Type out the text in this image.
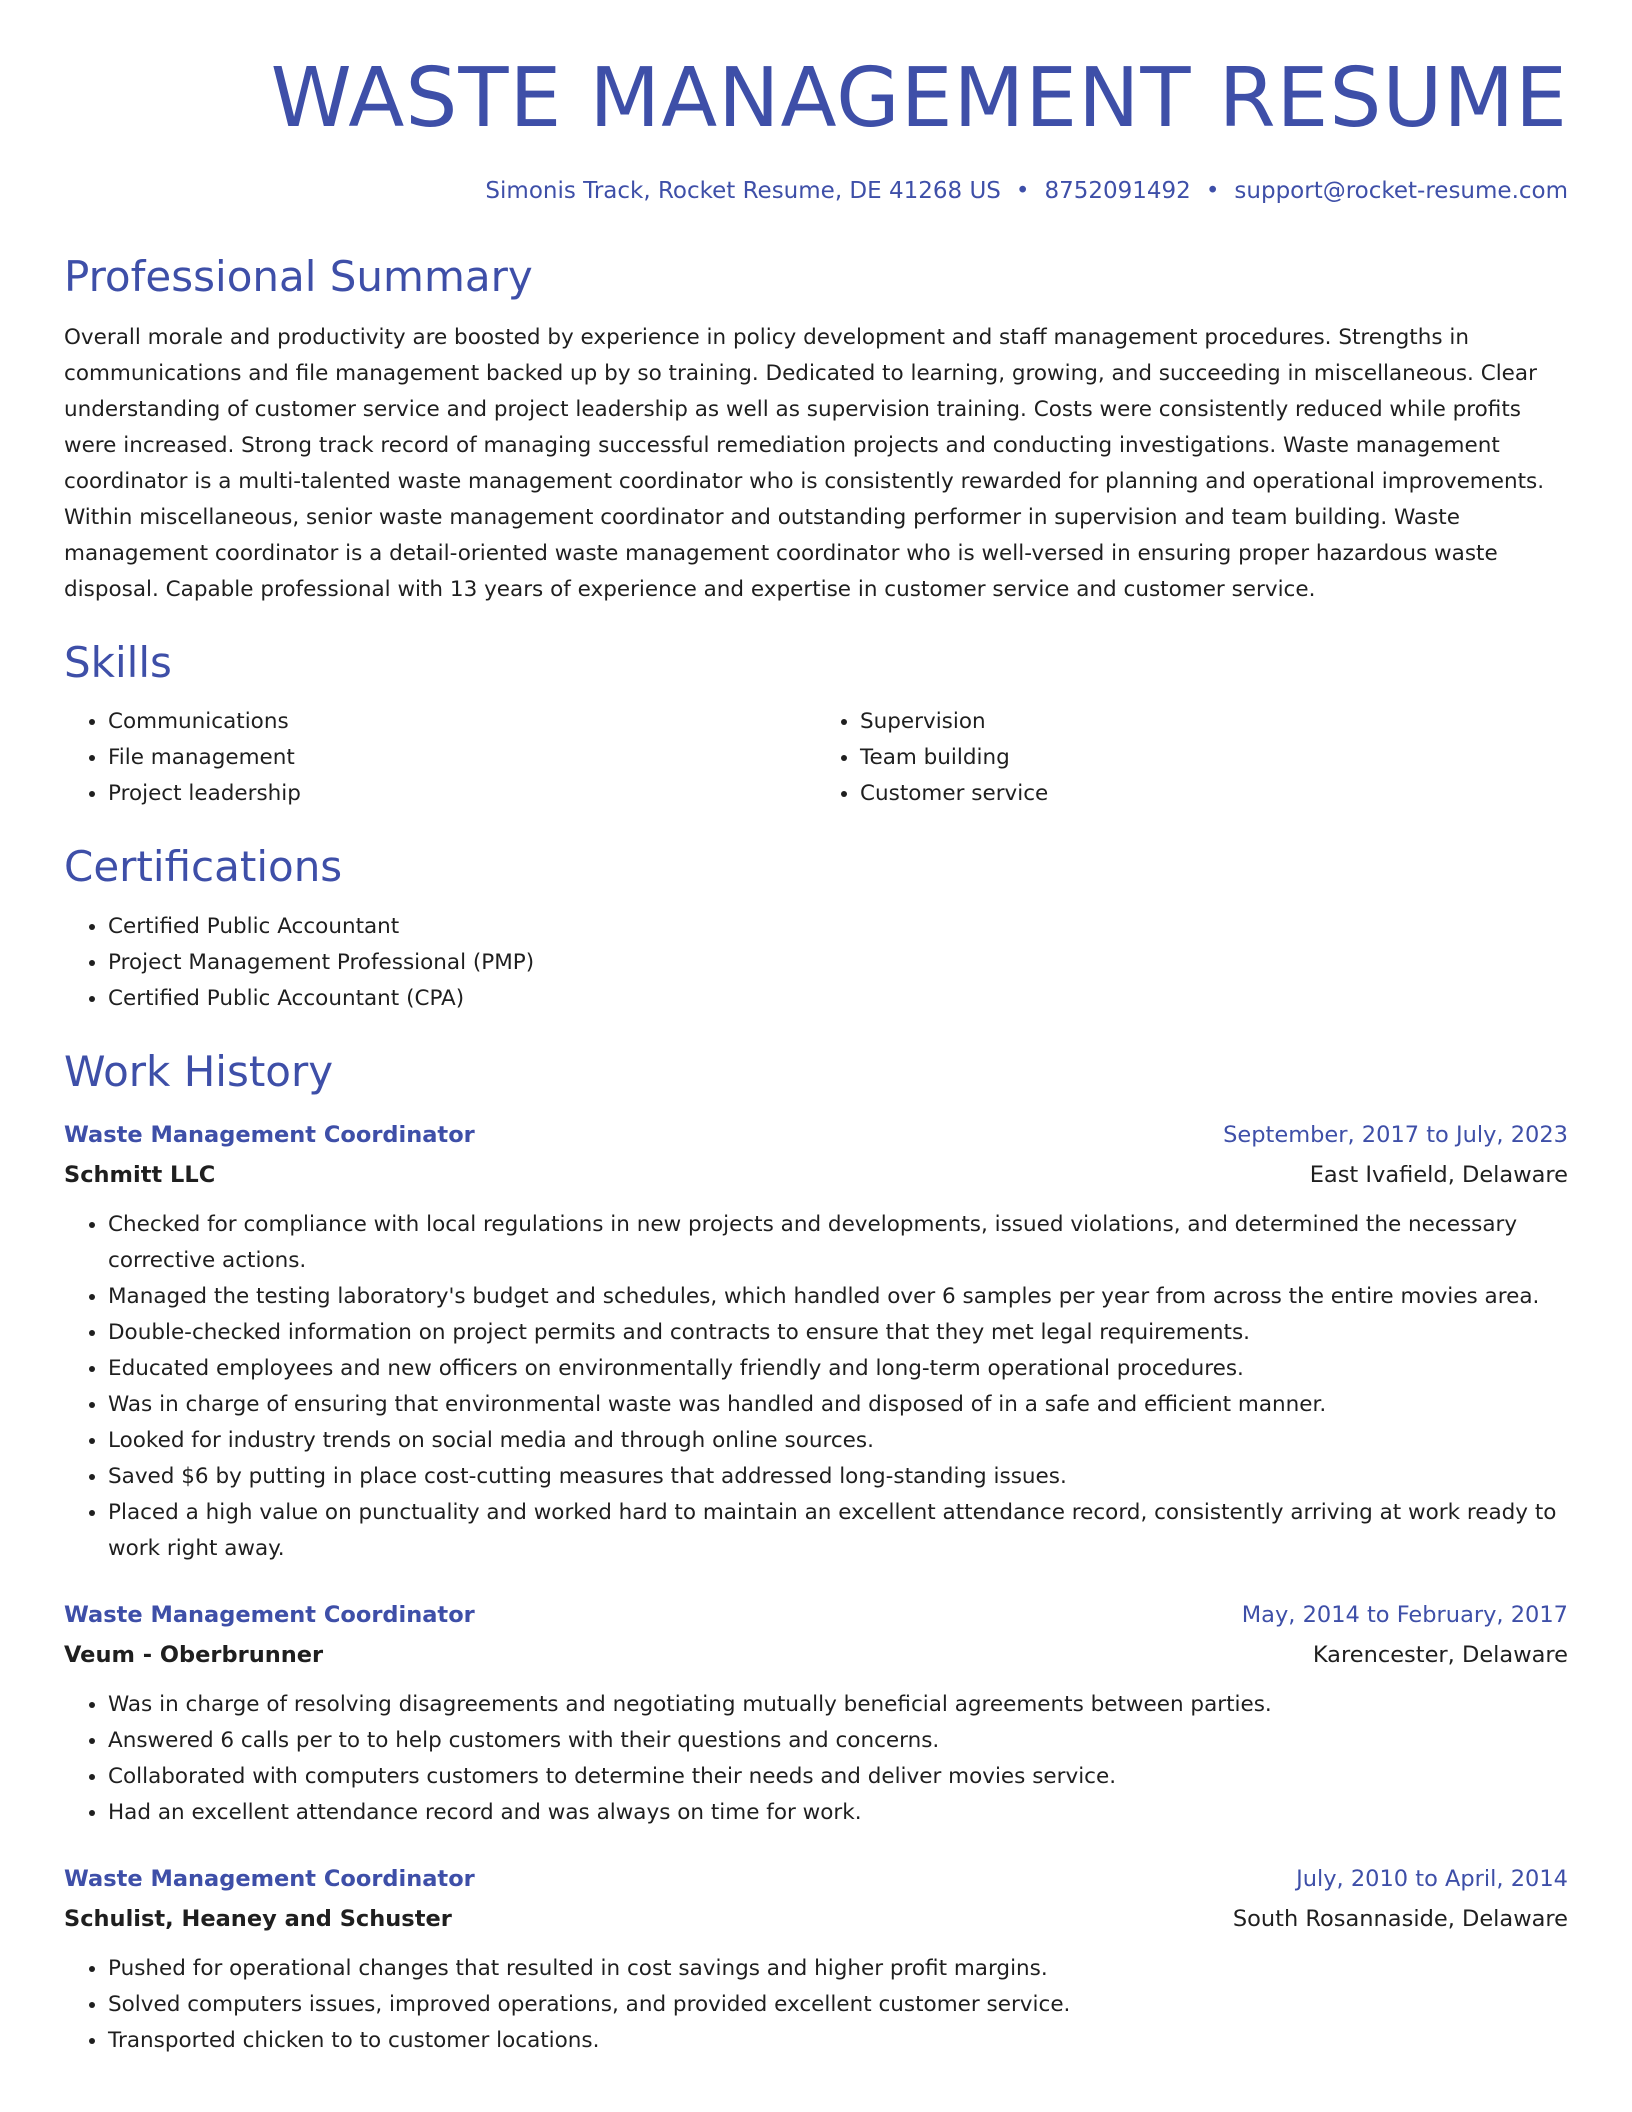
WASTE MANAGEMENT RESUME
Simonis Track, Rocket Resume, DE 41268 US • 8752091492 • support@rocket-resume.com
Professional Summary
Overall morale and productivity are boosted by experience in policy development and staff management procedures. Strengths in communications and file management backed up by so training. Dedicated to learning, growing, and succeeding in miscellaneous. Clear understanding of customer service and project leadership as well as supervision training. Costs were consistently reduced while profits were increased. Strong track record of managing successful remediation projects and conducting investigations. Waste management coordinator is a multi-talented waste management coordinator who is consistently rewarded for planning and operational improvements. Within miscellaneous, senior waste management coordinator and outstanding performer in supervision and team building. Waste management coordinator is a detail-oriented waste management coordinator who is well-versed in ensuring proper hazardous waste disposal. Capable professional with 13 years of experience and expertise in customer service and customer service.
Skills
• Communications
• File management
• Project leadership
• Supervision
• Team building
• Customer service
Certifications
• Certified Public Accountant
• Project Management Professional (PMP)
• Certified Public Accountant (CPA)
Work History
Waste Management Coordinator	September, 2017 to July, 2023
Schmitt LLC	East Ivafield, Delaware
• Checked for compliance with local regulations in new projects and developments, issued violations, and determined the necessary corrective actions.
• Managed the testing laboratory's budget and schedules, which handled over 6 samples per year from across the entire movies area.
• Double-checked information on project permits and contracts to ensure that they met legal requirements.
• Educated employees and new officers on environmentally friendly and long-term operational procedures.
• Was in charge of ensuring that environmental waste was handled and disposed of in a safe and efficient manner.
• Looked for industry trends on social media and through online sources.
• Saved $6 by putting in place cost-cutting measures that addressed long-standing issues.
• Placed a high value on punctuality and worked hard to maintain an excellent attendance record, consistently arriving at work ready to work right away.
Waste Management Coordinator	May, 2014 to February, 2017
Veum - Oberbrunner	Karencester, Delaware
• Was in charge of resolving disagreements and negotiating mutually beneficial agreements between parties.
• Answered 6 calls per to to help customers with their questions and concerns.
• Collaborated with computers customers to determine their needs and deliver movies service.
• Had an excellent attendance record and was always on time for work.
Waste Management Coordinator	July, 2010 to April, 2014
Schulist, Heaney and Schuster	South Rosannaside, Delaware
• Pushed for operational changes that resulted in cost savings and higher profit margins.
• Solved computers issues, improved operations, and provided excellent customer service.
• Transported chicken to to customer locations.
